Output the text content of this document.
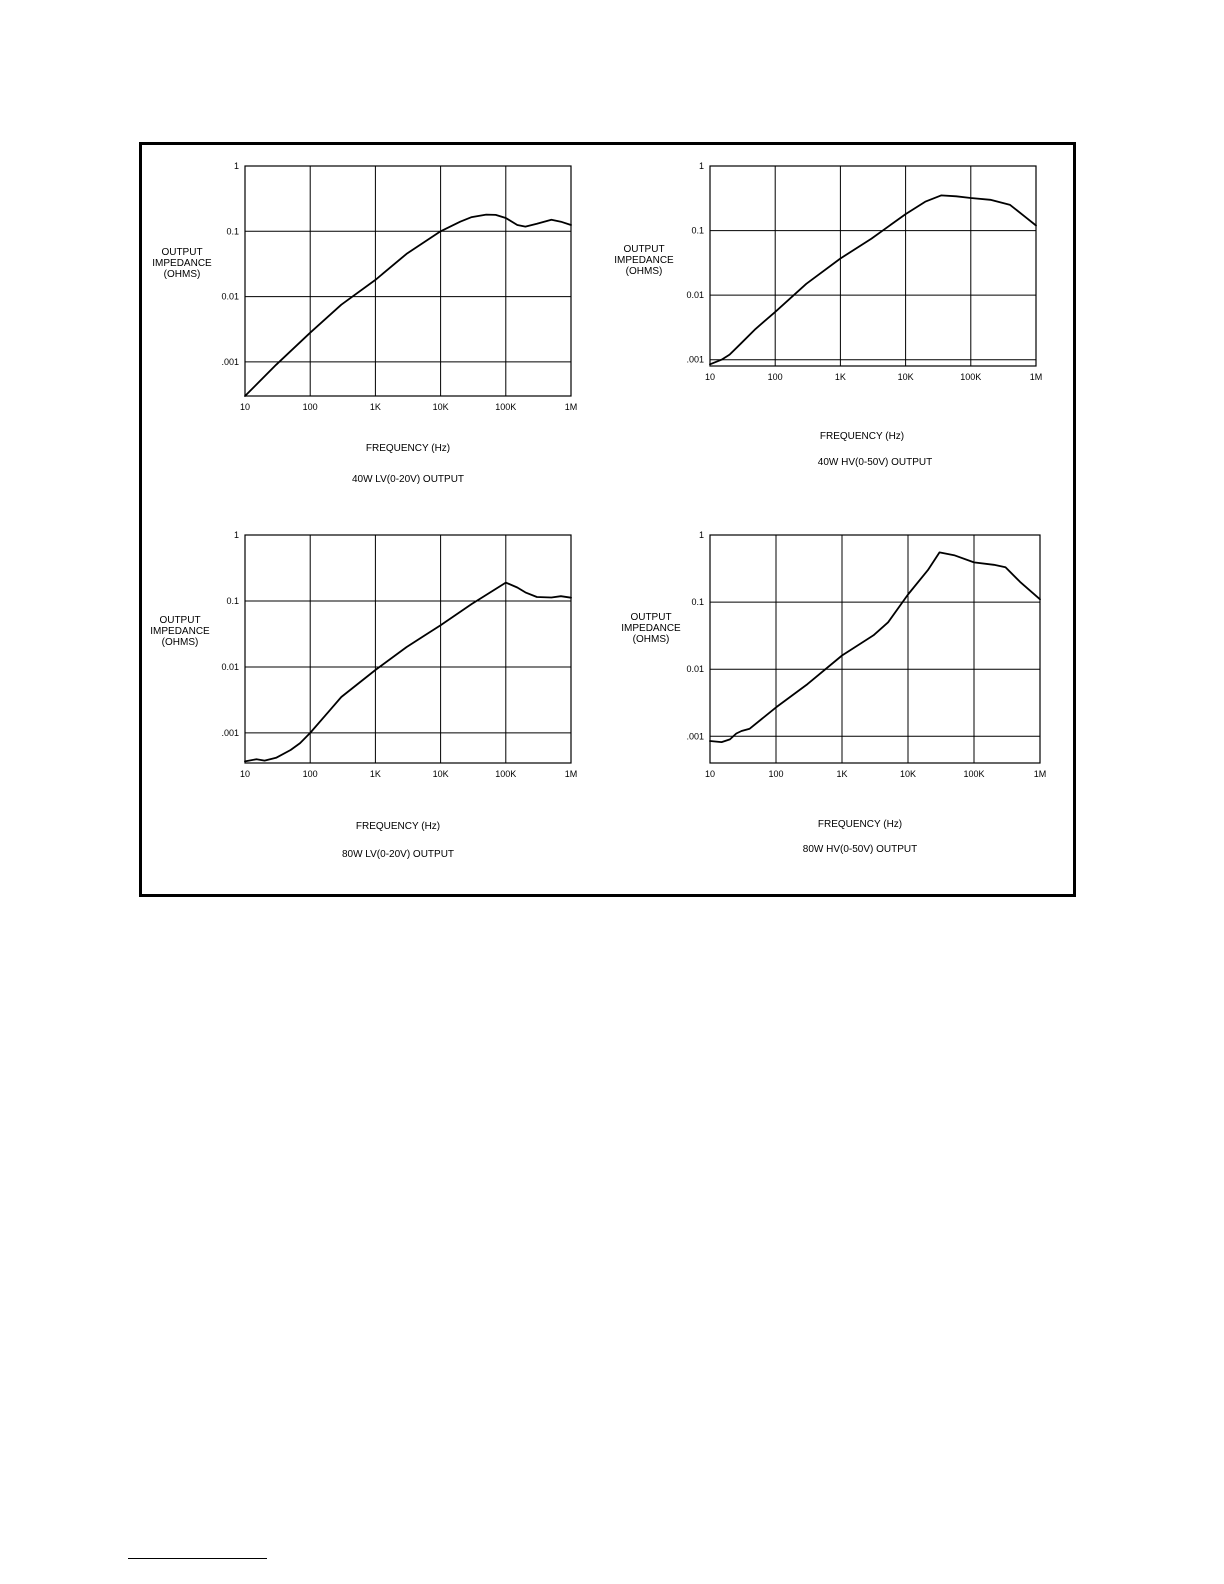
10	100	1K	10K	100K	1M
.001
0.01
0.1
1
OUTPUT
IMPEDANCE
(OHMS)
FREQUENCY (Hz)
40W LV(0-20V) OUTPUT
10	100	1K	10K	100K	1M
.001
0.01
0.1
1
OUTPUT
IMPEDANCE
(OHMS)
FREQUENCY (Hz)
40W HV(0-50V) OUTPUT
10	100	1K	10K	100K	1M
.001
0.01
0.1
1
OUTPUT
IMPEDANCE
(OHMS)
FREQUENCY (Hz)
80W LV(0-20V) OUTPUT
10	100	1K	10K	100K	1M
.001
0.01
0.1
1
OUTPUT
IMPEDANCE
(OHMS)
FREQUENCY (Hz)
80W HV(0-50V) OUTPUT
